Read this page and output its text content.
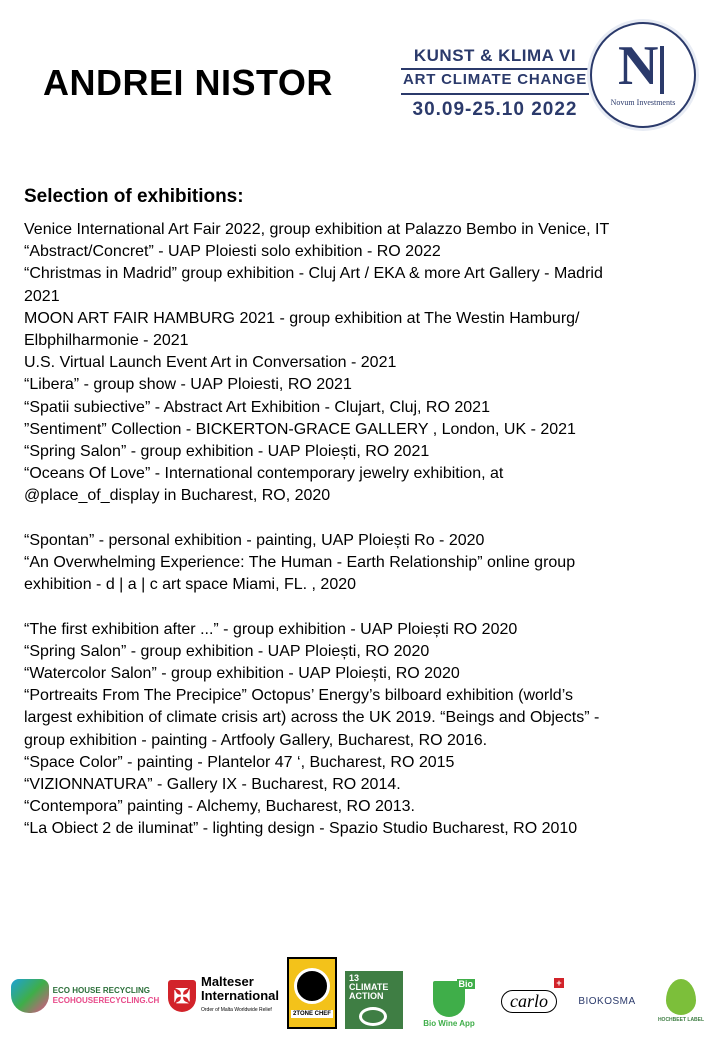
ANDREI NISTOR
KUNST & KLIMA VI
ART CLIMATE CHANGE
30.09-25.10 2022
N
Novum Investments
Selection of exhibitions:
Venice International Art Fair 2022, group exhibition at Palazzo Bembo in Venice, IT
“Abstract/Concret” - UAP Ploiesti solo exhibition - RO 2022
“Christmas in Madrid” group exhibition - Cluj Art / EKA & more Art Gallery - Madrid
2021
MOON ART FAIR HAMBURG 2021 - group exhibition at The Westin Hamburg/
Elbphilharmonie - 2021
U.S. Virtual Launch Event Art in Conversation - 2021
“Libera” - group show - UAP Ploiesti, RO 2021
“Spatii subiective” - Abstract Art Exhibition - Clujart, Cluj, RO 2021
”Sentiment” Collection - BICKERTON-GRACE GALLERY , London, UK - 2021
“Spring Salon” - group exhibition - UAP Ploiești, RO 2021
“Oceans Of Love” - International contemporary jewelry exhibition, at
@place_of_display in Bucharest, RO, 2020
“Spontan” - personal exhibition - painting, UAP Ploiești Ro - 2020
“An Overwhelming Experience: The Human - Earth Relationship” online group
exhibition - d | a | c art space Miami, FL. , 2020
“The first exhibition after ...” - group exhibition - UAP Ploiești RO 2020
“Spring Salon” - group exhibition - UAP Ploiești, RO 2020
“Watercolor Salon” - group exhibition - UAP Ploiești, RO 2020
“Portreaits From The Precipice” Octopus’ Energy’s bilboard exhibition (world’s
largest exhibition of climate crisis art) across the UK 2019. “Beings and Objects” -
group exhibition - painting - Artfooly Gallery, Bucharest, RO 2016.
“Space Color” - painting - Plantelor 47 ‘, Bucharest, RO 2015
“VIZIONNATURA” - Gallery IX - Bucharest, RO 2014.
“Contempora” painting - Alchemy, Bucharest, RO 2013.
“La Obiect 2 de iluminat” - lighting design - Spazio Studio Bucharest, RO 2010
ECO HOUSE RECYCLING
ECOHOUSERECYCLING.CH ✠
Malteser
International
Order of Malta Worldwide Relief
2TONE CHEF
13 CLIMATE ACTION
Bio
Bio Wine App
carlo
+
BIOKOSMA
HOCHBEET LABEL
